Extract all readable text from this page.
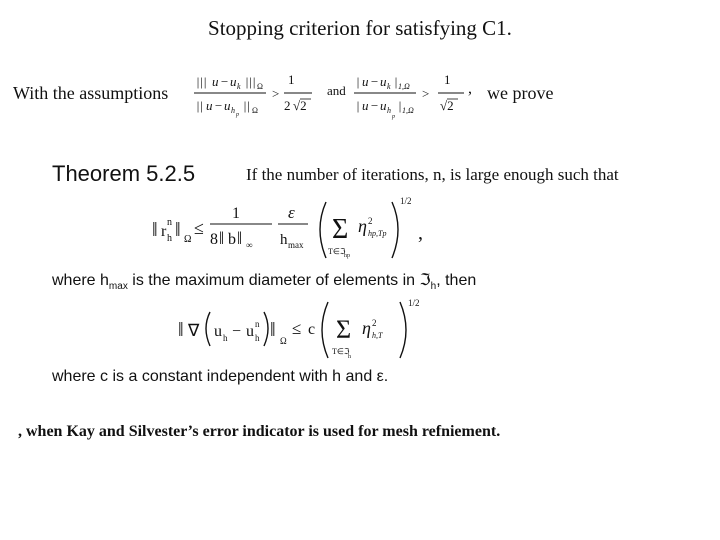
Stopping criterion for satisfying C1.
With the assumptions
||| u − u k ||| Ω
|| u − u h p
|| Ω
>
1
2 √2
and
| u − u k | 1,Ω
| u − u h
p
| 1,Ω
>
1
√2
, we prove
Theorem 5.2.5	If the number of iterations, n, is large enough such that
‖ r h
n ‖ Ω
≤
1
8 ‖ b ‖ ∞
ε
h max Σ
T∈ℑ
hp
η 2
hp,Tp
1/2
,
where $h_{max}$ is the maximum diameter of elements in ℑ$_h$, then
‖ ∇ u h − u h
n ‖ Ω
≤ c Σ
T∈ℑ
h
η 2
h,T
1/2
where c is a constant independent with h and ε.
, when Kay and Silvester’s error indicator is used for mesh refniement.
